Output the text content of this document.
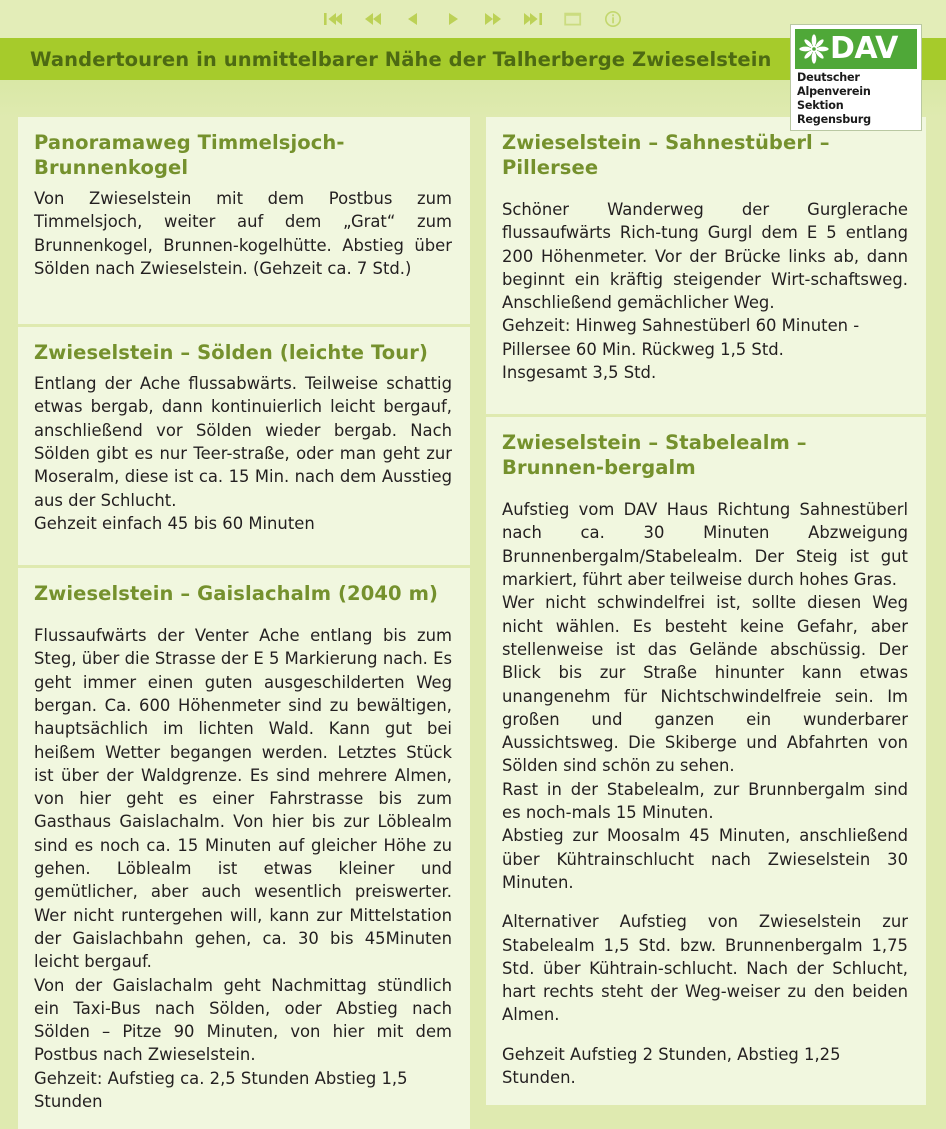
Wandertouren in unmittelbarer Nähe der Talherberge Zwieselstein DAV
Deutscher Alpenverein
Sektion Regensburg
Panoramaweg Timmelsjoch-Brunnenkogel

Von Zwieselstein mit dem Postbus zum Timmelsjoch, weiter auf dem „Grat“ zum Brunnenkogel, Brunnen-kogelhütte. Abstieg über Sölden nach Zwieselstein. (Gehzeit ca. 7 Std.)

Zwieselstein – Sölden (leichte Tour)

Entlang der Ache flussabwärts. Teilweise schattig etwas bergab, dann kontinuierlich leicht bergauf, anschließend vor Sölden wieder bergab. Nach Sölden gibt es nur Teer-straße, oder man geht zur Moseralm, diese ist ca. 15 Min. nach dem Ausstieg aus der Schlucht.

Gehzeit einfach 45 bis 60 Minuten

Zwieselstein – Gaislachalm (2040 m)

Flussaufwärts der Venter Ache entlang bis zum Steg, über die Strasse der E 5 Markierung nach. Es geht immer einen guten ausgeschilderten Weg bergan. Ca. 600 Höhenmeter sind zu bewältigen, hauptsächlich im lichten Wald. Kann gut bei heißem Wetter begangen werden. Letztes Stück ist über der Waldgrenze. Es sind mehrere Almen, von hier geht es einer Fahrstrasse bis zum Gasthaus Gaislachalm. Von hier bis zur Löblealm sind es noch ca. 15 Minuten auf gleicher Höhe zu gehen. Löblealm ist etwas kleiner und gemütlicher, aber auch wesentlich preiswerter. Wer nicht runtergehen will, kann zur Mittelstation der Gaislachbahn gehen, ca. 30 bis 45Minuten leicht bergauf.

Von der Gaislachalm geht Nachmittag stündlich ein Taxi-Bus nach Sölden, oder Abstieg nach Sölden – Pitze 90 Minuten, von hier mit dem Postbus nach Zwieselstein.

Gehzeit: Aufstieg ca. 2,5 Stunden Abstieg 1,5 Stunden

Zwieselstein – Sahnestüberl – Pillersee

Schöner Wanderweg der Gurglerache flussaufwärts Rich-tung Gurgl dem E 5 entlang 200 Höhenmeter. Vor der Brücke links ab, dann beginnt ein kräftig steigender Wirt-schaftsweg. Anschließend gemächlicher Weg.

Gehzeit: Hinweg Sahnestüberl 60 Minuten - Pillersee 60 Min. Rückweg 1,5 Std.

Insgesamt 3,5 Std.

Zwieselstein – Stabelealm – Brunnen-bergalm

Aufstieg vom DAV Haus Richtung Sahnestüberl nach ca. 30 Minuten Abzweigung Brunnenbergalm/Stabelealm. Der Steig ist gut markiert, führt aber teilweise durch hohes Gras.

Wer nicht schwindelfrei ist, sollte diesen Weg nicht wählen. Es besteht keine Gefahr, aber stellenweise ist das Gelände abschüssig. Der Blick bis zur Straße hinunter kann etwas unangenehm für Nichtschwindelfreie sein. Im großen und ganzen ein wunderbarer Aussichtsweg. Die Skiberge und Abfahrten von Sölden sind schön zu sehen.

Rast in der Stabelealm, zur Brunnbergalm sind es noch-mals 15 Minuten.

Abstieg zur Moosalm 45 Minuten, anschließend über Kühtrainschlucht nach Zwieselstein 30 Minuten.

Alternativer Aufstieg von Zwieselstein zur Stabelealm 1,5 Std. bzw. Brunnenbergalm 1,75 Std. über Kühtrain-schlucht. Nach der Schlucht, hart rechts steht der Weg-weiser zu den beiden Almen.

Gehzeit Aufstieg 2 Stunden, Abstieg 1,25 Stunden.
